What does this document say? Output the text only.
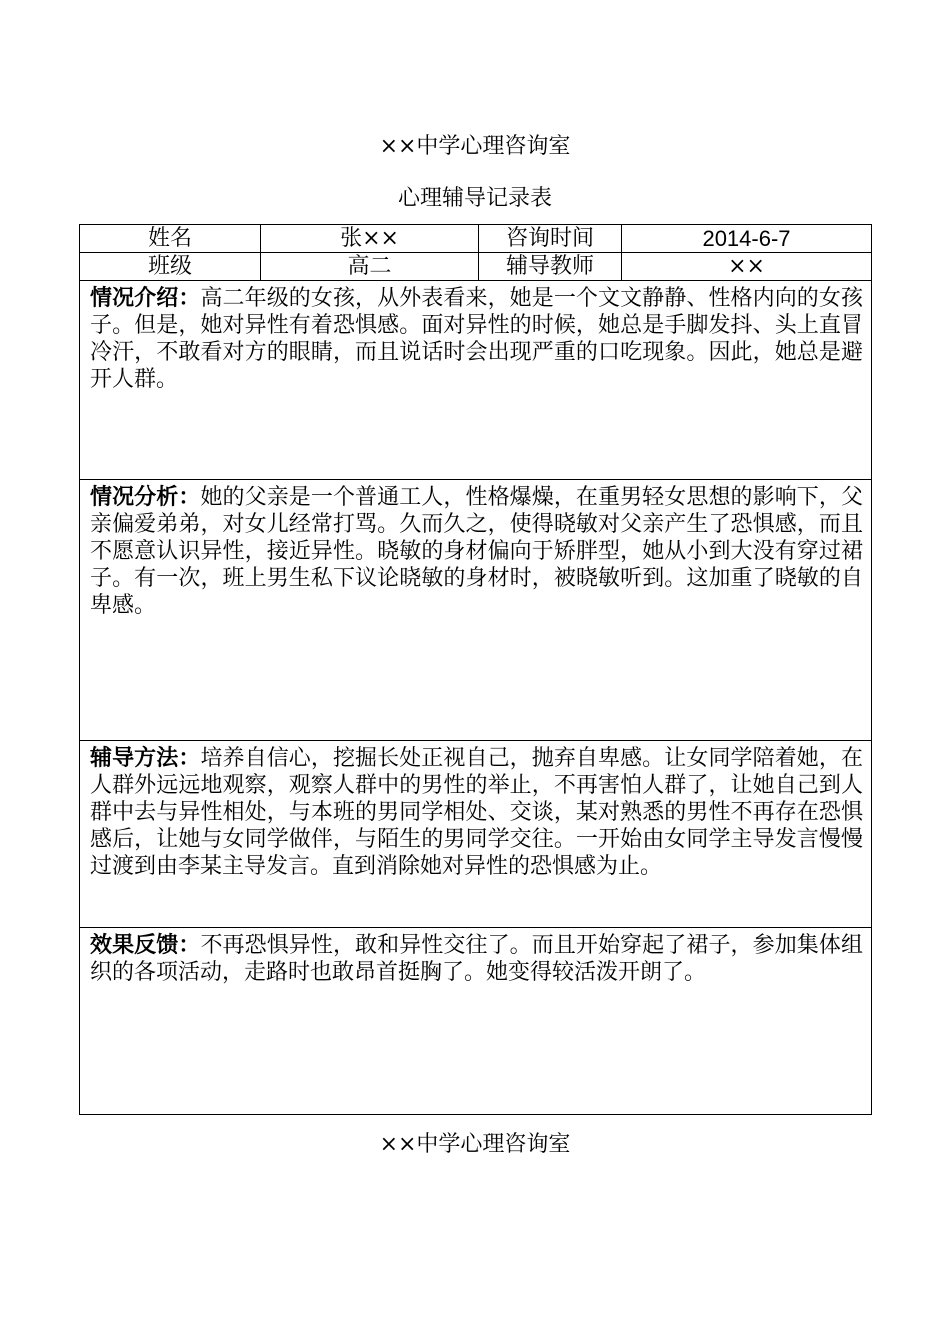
××中学心理咨询室
心理辅导记录表
姓名	张××	咨询时间	2014-6-7
班级	高二	辅导教师	××
情况介绍：高二年级的女孩，从外表看来，她是一个文文静静、性格内向的女孩子。但是，她对异性有着恐惧感。面对异性的时候，她总是手脚发抖、头上直冒冷汗，不敢看对方的眼睛，而且说话时会出现严重的口吃现象。因此，她总是避开人群。			
情况分析：她的父亲是一个普通工人，性格爆燥，在重男轻女思想的影响下，父亲偏爱弟弟，对女儿经常打骂。久而久之，使得晓敏对父亲产生了恐惧感，而且不愿意认识异性，接近异性。晓敏的身材偏向于矫胖型，她从小到大没有穿过裙子。有一次，班上男生私下议论晓敏的身材时，被晓敏听到。这加重了晓敏的自卑感。			
辅导方法：培养自信心，挖掘长处正视自己，抛弃自卑感。让女同学陪着她，在人群外远远地观察，观察人群中的男性的举止，不再害怕人群了，让她自己到人群中去与异性相处，与本班的男同学相处、交谈，某对熟悉的男性不再存在恐惧感后，让她与女同学做伴，与陌生的男同学交往。一开始由女同学主导发言慢慢过渡到由李某主导发言。直到消除她对异性的恐惧感为止。			
效果反馈：不再恐惧异性，敢和异性交往了。而且开始穿起了裙子，参加集体组织的各项活动，走路时也敢昂首挺胸了。她变得较活泼开朗了。			
××中学心理咨询室
